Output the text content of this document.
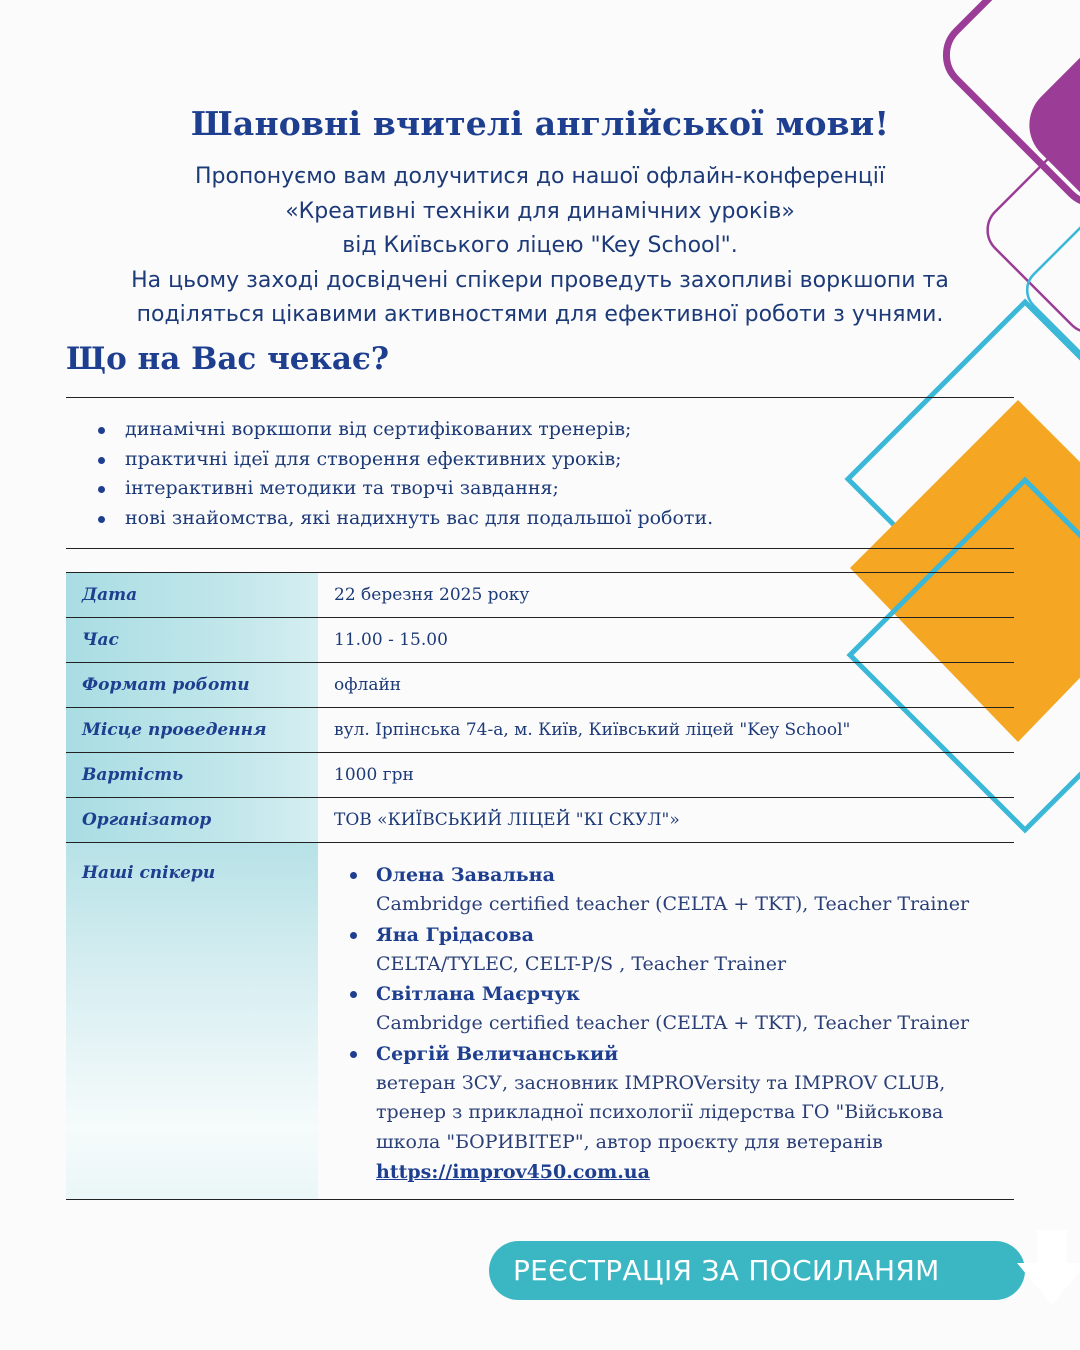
Шановні вчителі англійської мови!
Пропонуємо вам долучитися до нашої офлайн-конференції
«Креативні техніки для динамічних уроків»
від Київського ліцею "Key School".
На цьому заході досвідчені спікери проведуть захопливі воркшопи та
поділяться цікавими активностями для ефективної роботи з учнями.
Що на Вас чекає?
динамічні воркшопи від сертифікованих тренерів;
практичні ідеї для створення ефективних уроків;
інтерактивні методики та творчі завдання;
нові знайомства, які надихнуть вас для подальшої роботи.
Дата	22 березня 2025 року
Час	11.00 - 15.00
Формат роботи	офлайн
Місце проведення	вул. Ірпінська 74-а, м. Київ, Київський ліцей "Key School"
Вартість	1000 грн
Організатор	ТОВ «КИЇВСЬКИЙ ЛІЦЕЙ "КІ СКУЛ"»
Наші спікери	Олена Завальна
Cambridge certified teacher (CELTA + TKT), Teacher Trainer
Яна Грідасова
CELTA/TYLEC, CELT-P/S , Teacher Trainer
Світлана Маєрчук
Cambridge certified teacher (CELTA + TKT), Teacher Trainer
Сергій Величанський
ветеран ЗСУ, засновник IMPROVersity та IMPROV CLUB,
тренер з прикладної психології лідерства ГО "Військова
школа "БОРИВІТЕР", автор проєкту для ветеранів
https://improv450.com.ua
РЕЄСТРАЦІЯ ЗА ПОСИЛАНЯМ
